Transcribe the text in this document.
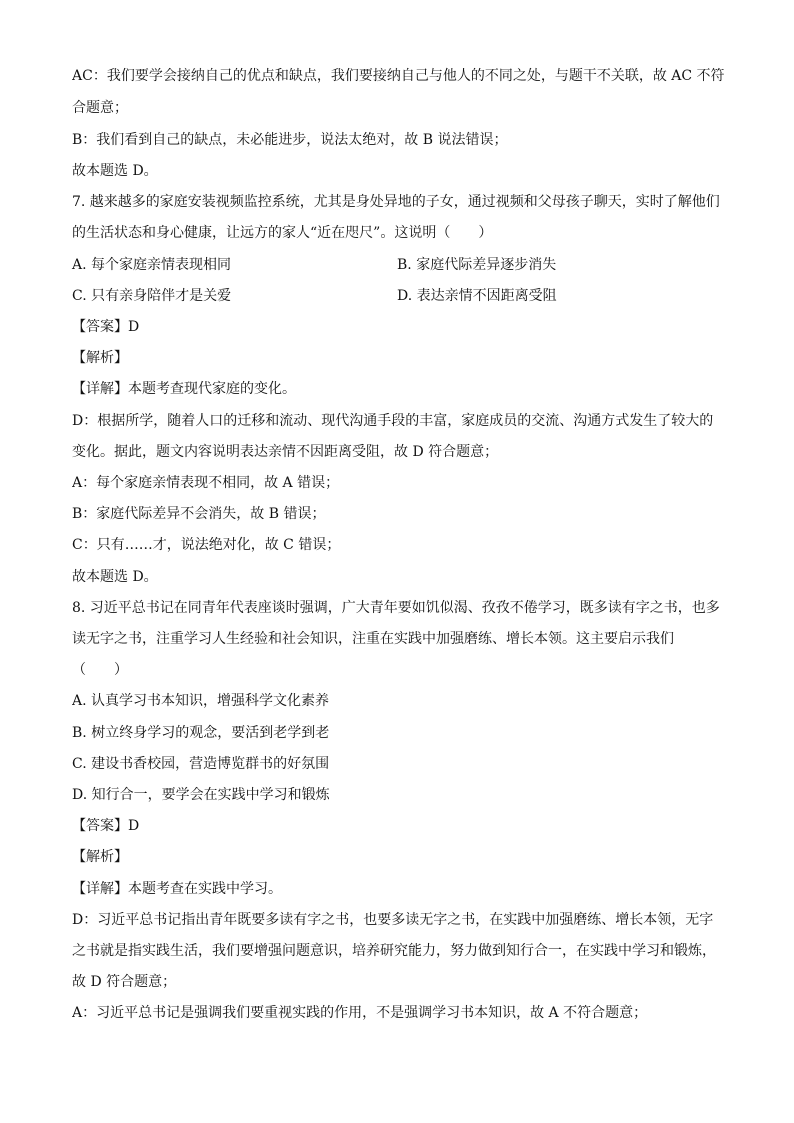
AC：我们要学会接纳自己的优点和缺点，我们要接纳自己与他人的不同之处，与题干不关联，故 AC 不符
合题意；
B：我们看到自己的缺点，未必能进步，说法太绝对，故 B 说法错误；
故本题选 D。
7. 越来越多的家庭安装视频监控系统，尤其是身处异地的子女，通过视频和父母孩子聊天，实时了解他们
的生活状态和身心健康，让远方的家人“近在咫尺”。这说明（　　）
A. 每个家庭亲情表现相同	B. 家庭代际差异逐步消失
C. 只有亲身陪伴才是关爱	D. 表达亲情不因距离受阻
【答案】D
【解析】
【详解】本题考查现代家庭的变化。
D：根据所学，随着人口的迁移和流动、现代沟通手段的丰富，家庭成员的交流、沟通方式发生了较大的
变化。据此，题文内容说明表达亲情不因距离受阻，故 D 符合题意；
A：每个家庭亲情表现不相同，故 A 错误；
B：家庭代际差异不会消失，故 B 错误；
C：只有……才，说法绝对化，故 C 错误；
故本题选 D。
8. 习近平总书记在同青年代表座谈时强调，广大青年要如饥似渴、孜孜不倦学习，既多读有字之书，也多
读无字之书，注重学习人生经验和社会知识，注重在实践中加强磨练、增长本领。这主要启示我们
（　　）
A. 认真学习书本知识，增强科学文化素养
B. 树立终身学习的观念，要活到老学到老
C. 建设书香校园，营造博览群书的好氛围
D. 知行合一，要学会在实践中学习和锻炼
【答案】D
【解析】
【详解】本题考查在实践中学习。
D：习近平总书记指出青年既要多读有字之书，也要多读无字之书，在实践中加强磨练、增长本领，无字
之书就是指实践生活，我们要增强问题意识，培养研究能力，努力做到知行合一，在实践中学习和锻炼，
故 D 符合题意；
A：习近平总书记是强调我们要重视实践的作用，不是强调学习书本知识，故 A 不符合题意；
